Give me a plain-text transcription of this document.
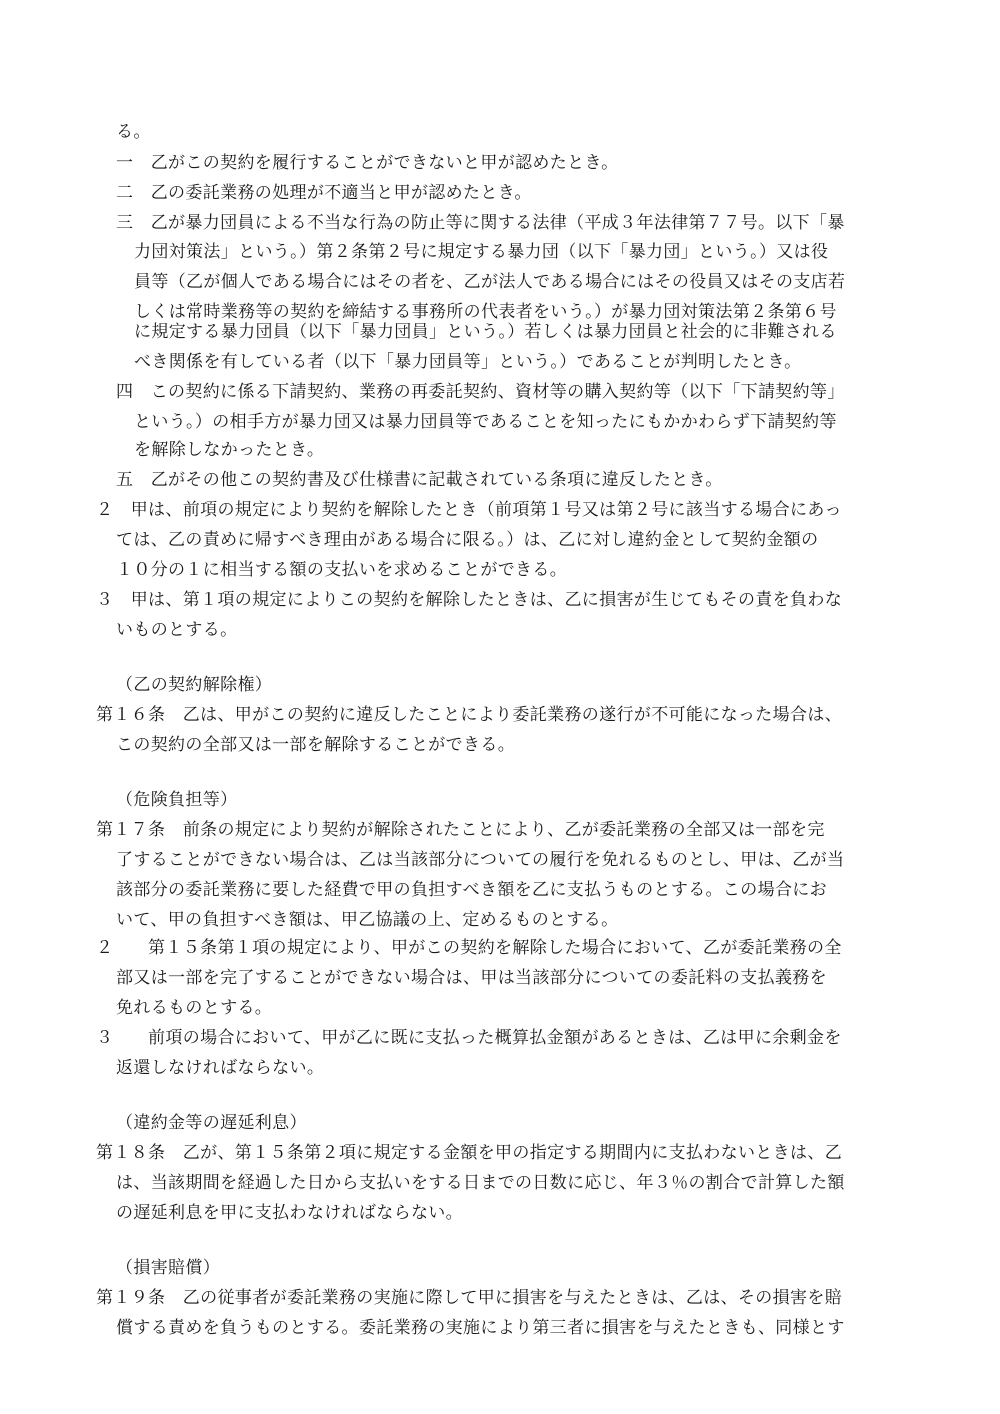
る。
一　乙がこの契約を履行することができないと甲が認めたとき。
二　乙の委託業務の処理が不適当と甲が認めたとき。
三　乙が暴力団員による不当な行為の防止等に関する法律（平成３年法律第７７号。以下「暴
力団対策法」という。）第２条第２号に規定する暴力団（以下「暴力団」という。）又は役
員等（乙が個人である場合にはその者を、乙が法人である場合にはその役員又はその支店若
しくは常時業務等の契約を締結する事務所の代表者をいう。）が暴力団対策法第２条第６号
に規定する暴力団員（以下「暴力団員」という。）若しくは暴力団員と社会的に非難される
べき関係を有している者（以下「暴力団員等」という。）であることが判明したとき。
四　この契約に係る下請契約、業務の再委託契約、資材等の購入契約等（以下「下請契約等」
という。）の相手方が暴力団又は暴力団員等であることを知ったにもかかわらず下請契約等
を解除しなかったとき。
五　乙がその他この契約書及び仕様書に記載されている条項に違反したとき。
２　甲は、前項の規定により契約を解除したとき（前項第１号又は第２号に該当する場合にあっ
ては、乙の責めに帰すべき理由がある場合に限る。）は、乙に対し違約金として契約金額の
１０分の１に相当する額の支払いを求めることができる。
３　甲は、第１項の規定によりこの契約を解除したときは、乙に損害が生じてもその責を負わな
いものとする。
（乙の契約解除権）
第１６条　乙は、甲がこの契約に違反したことにより委託業務の遂行が不可能になった場合は、
この契約の全部又は一部を解除することができる。
（危険負担等）
第１７条　前条の規定により契約が解除されたことにより、乙が委託業務の全部又は一部を完
了することができない場合は、乙は当該部分についての履行を免れるものとし、甲は、乙が当
該部分の委託業務に要した経費で甲の負担すべき額を乙に支払うものとする。この場合にお
いて、甲の負担すべき額は、甲乙協議の上、定めるものとする。
２　　第１５条第１項の規定により、甲がこの契約を解除した場合において、乙が委託業務の全
部又は一部を完了することができない場合は、甲は当該部分についての委託料の支払義務を
免れるものとする。
３　　前項の場合において、甲が乙に既に支払った概算払金額があるときは、乙は甲に余剰金を
返還しなければならない。
（違約金等の遅延利息）
第１８条　乙が、第１５条第２項に規定する金額を甲の指定する期間内に支払わないときは、乙
は、当該期間を経過した日から支払いをする日までの日数に応じ、年３％の割合で計算した額
の遅延利息を甲に支払わなければならない。
（損害賠償）
第１９条　乙の従事者が委託業務の実施に際して甲に損害を与えたときは、乙は、その損害を賠
償する責めを負うものとする。委託業務の実施により第三者に損害を与えたときも、同様とす
